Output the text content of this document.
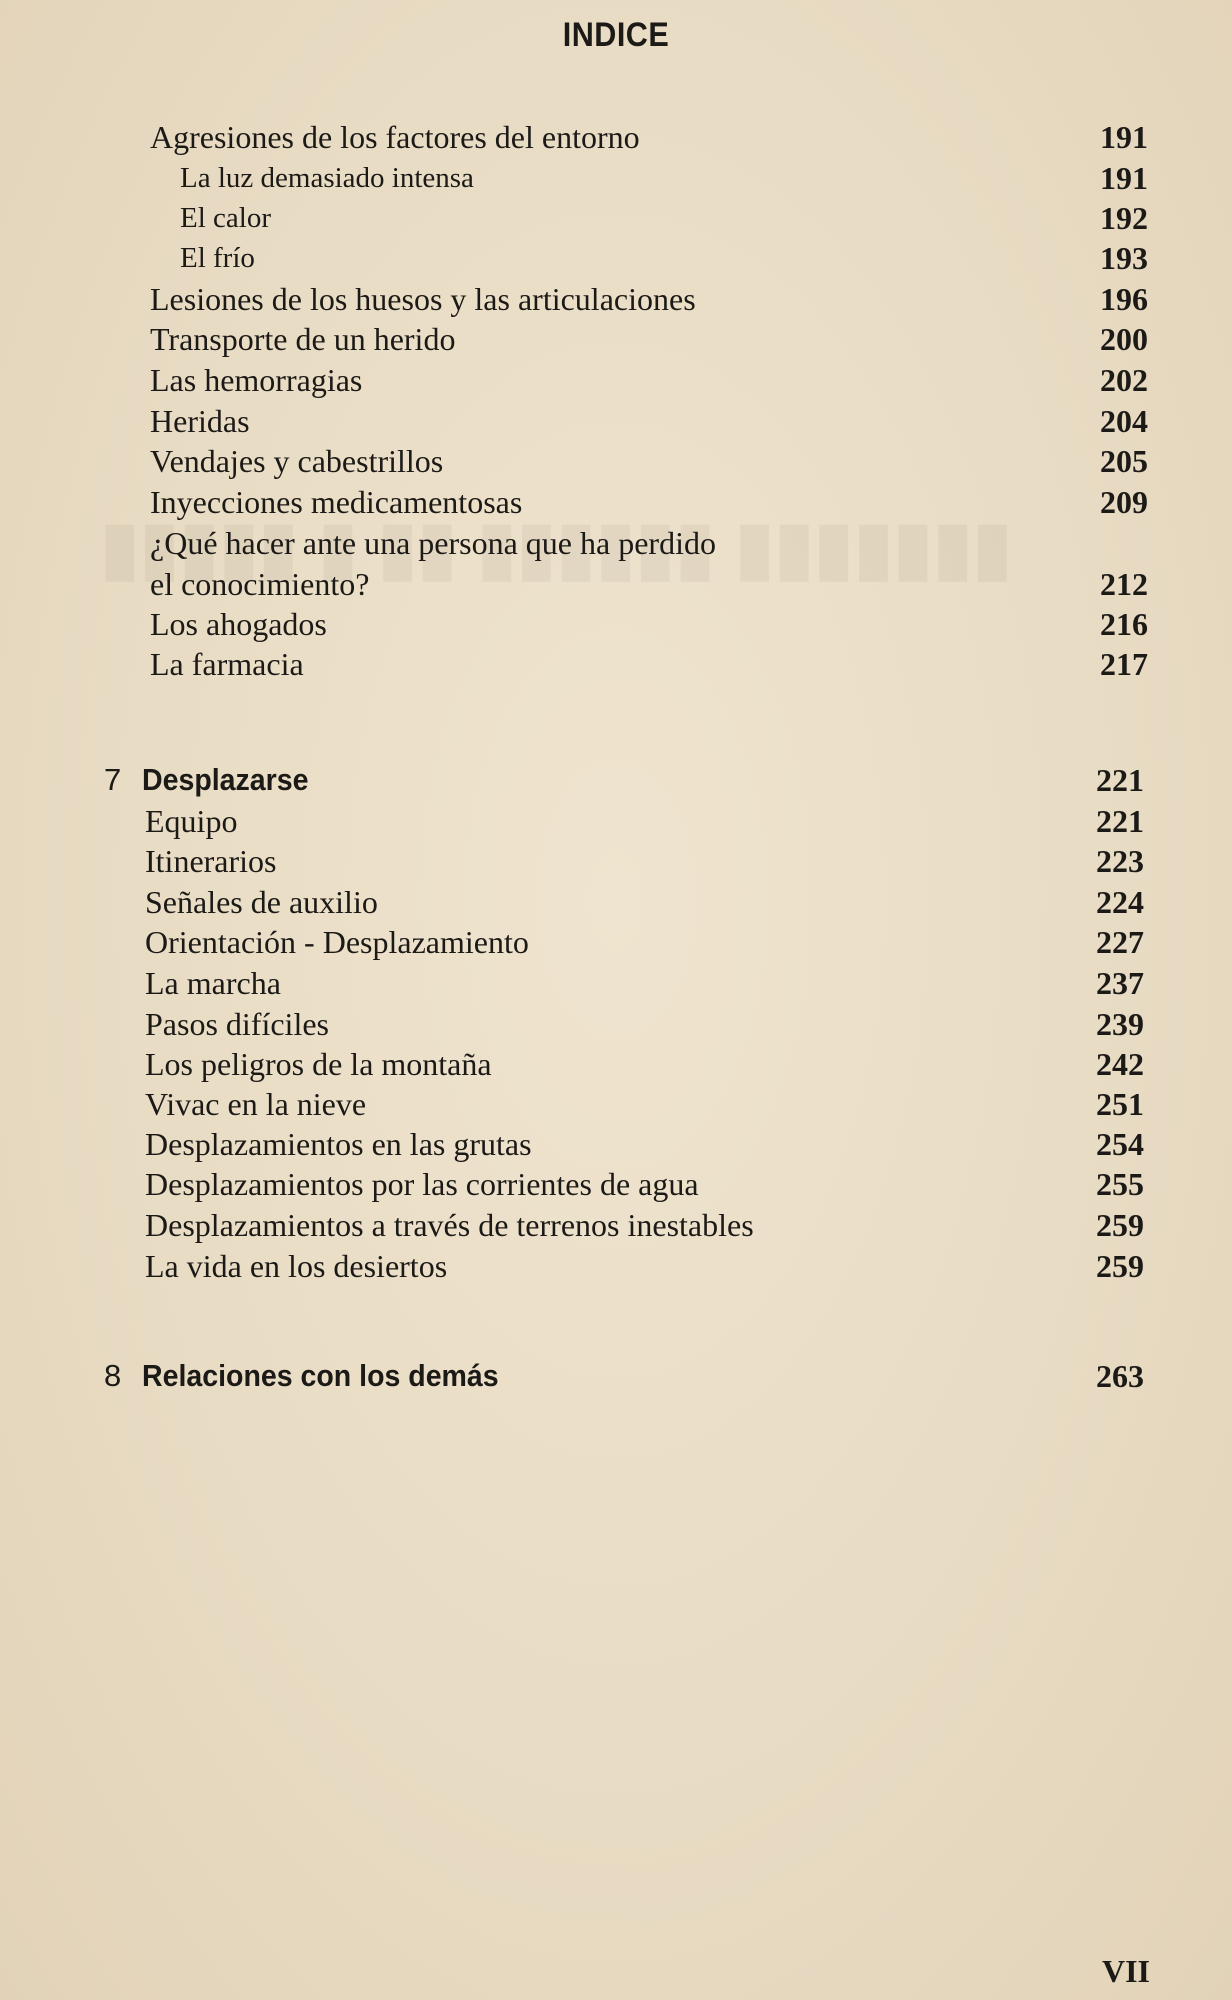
INDICE
Agresiones de los factores del entorno	191
La luz demasiado intensa	191
El calor	192
El frío	193
Lesiones de los huesos y las articulaciones	196
Transporte de un herido	200
Las hemorragias	202
Heridas	204
Vendajes y cabestrillos	205
Inyecciones medicamentosas	209
¿Qué hacer ante una persona que ha perdido
el conocimiento?	212
Los ahogados	216
La farmacia	217
7 Desplazarse	221
Equipo	221
Itinerarios	223
Señales de auxilio	224
Orientación - Desplazamiento	227
La marcha	237
Pasos difíciles	239
Los peligros de la montaña	242
Vivac en la nieve	251
Desplazamientos en las grutas	254
Desplazamientos por las corrientes de agua	255
Desplazamientos a través de terrenos inestables	259
La vida en los desiertos	259
8 Relaciones con los demás	263
VII
